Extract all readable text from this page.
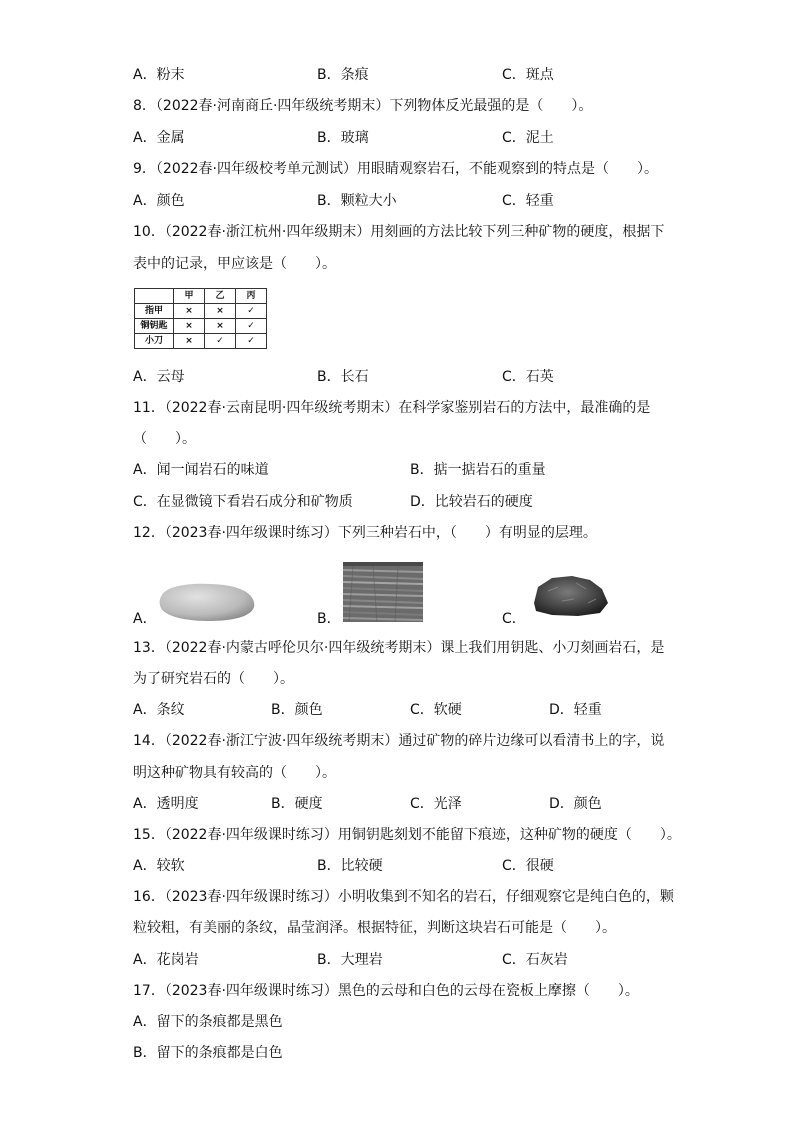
A．粉末	B．条痕	C．斑点
8．（2022春·河南商丘·四年级统考期末）下列物体反光最强的是（　　）。
A．金属	B．玻璃	C．泥土
9．（2022春·四年级校考单元测试）用眼睛观察岩石，不能观察到的特点是（　　）。
A．颜色	B．颗粒大小	C．轻重
10．（2022春·浙江杭州·四年级期末）用刻画的方法比较下列三种矿物的硬度，根据下
表中的记录，甲应该是（　　）。
	甲	乙	丙
指甲	×	×	✓
铜钥匙	×	×	✓
小刀	×	✓	✓
A．云母	B．长石	C．石英
11．（2022春·云南昆明·四年级统考期末）在科学家鉴别岩石的方法中，最准确的是
（　　）。
A．闻一闻岩石的味道	B．掂一掂岩石的重量
C．在显微镜下看岩石成分和矿物质	D．比较岩石的硬度
12．（2023春·四年级课时练习）下列三种岩石中，（　　）有明显的层理。
A．	B．	C．
13．（2022春·内蒙古呼伦贝尔·四年级统考期末）课上我们用钥匙、小刀刻画岩石，是
为了研究岩石的（　　）。
A．条纹	B．颜色	C．软硬	D．轻重
14．（2022春·浙江宁波·四年级统考期末）通过矿物的碎片边缘可以看清书上的字，说
明这种矿物具有较高的（　　）。
A．透明度	B．硬度	C．光泽	D．颜色
15．（2022春·四年级课时练习）用铜钥匙刻划不能留下痕迹，这种矿物的硬度（　　）。
A．较软	B．比较硬	C．很硬
16．（2023春·四年级课时练习）小明收集到不知名的岩石，仔细观察它是纯白色的，颗
粒较粗，有美丽的条纹，晶莹润泽。根据特征，判断这块岩石可能是（　　）。
A．花岗岩	B．大理岩	C．石灰岩
17．（2023春·四年级课时练习）黑色的云母和白色的云母在瓷板上摩擦（　　）。
A．留下的条痕都是黑色
B．留下的条痕都是白色
